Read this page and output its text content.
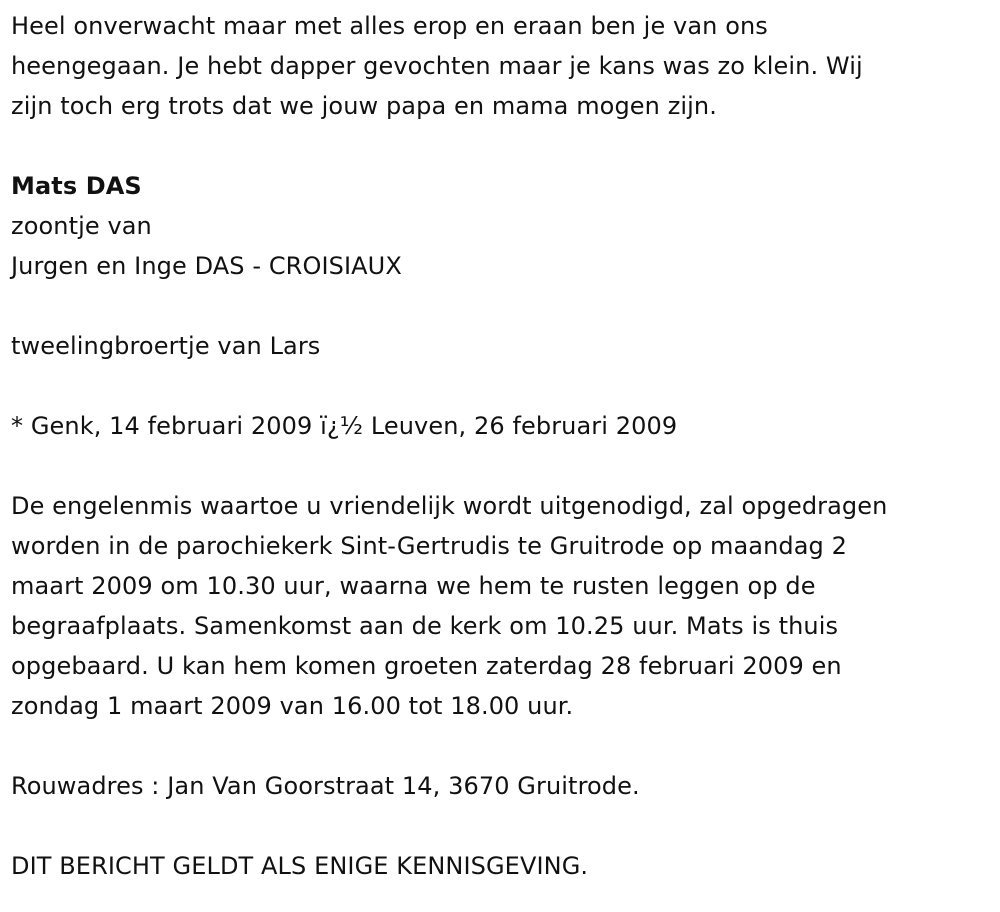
Heel onverwacht maar met alles erop en eraan ben je van ons
heengegaan. Je hebt dapper gevochten maar je kans was zo klein. Wij
zijn toch erg trots dat we jouw papa en mama mogen zijn.
Mats DAS
zoontje van
Jurgen en Inge DAS - CROISIAUX
tweelingbroertje van Lars
* Genk, 14 februari 2009 ï¿½ Leuven, 26 februari 2009
De engelenmis waartoe u vriendelijk wordt uitgenodigd, zal opgedragen
worden in de parochiekerk Sint-Gertrudis te Gruitrode op maandag 2
maart 2009 om 10.30 uur, waarna we hem te rusten leggen op de
begraafplaats. Samenkomst aan de kerk om 10.25 uur. Mats is thuis
opgebaard. U kan hem komen groeten zaterdag 28 februari 2009 en
zondag 1 maart 2009 van 16.00 tot 18.00 uur.
Rouwadres : Jan Van Goorstraat 14, 3670 Gruitrode.
DIT BERICHT GELDT ALS ENIGE KENNISGEVING.
